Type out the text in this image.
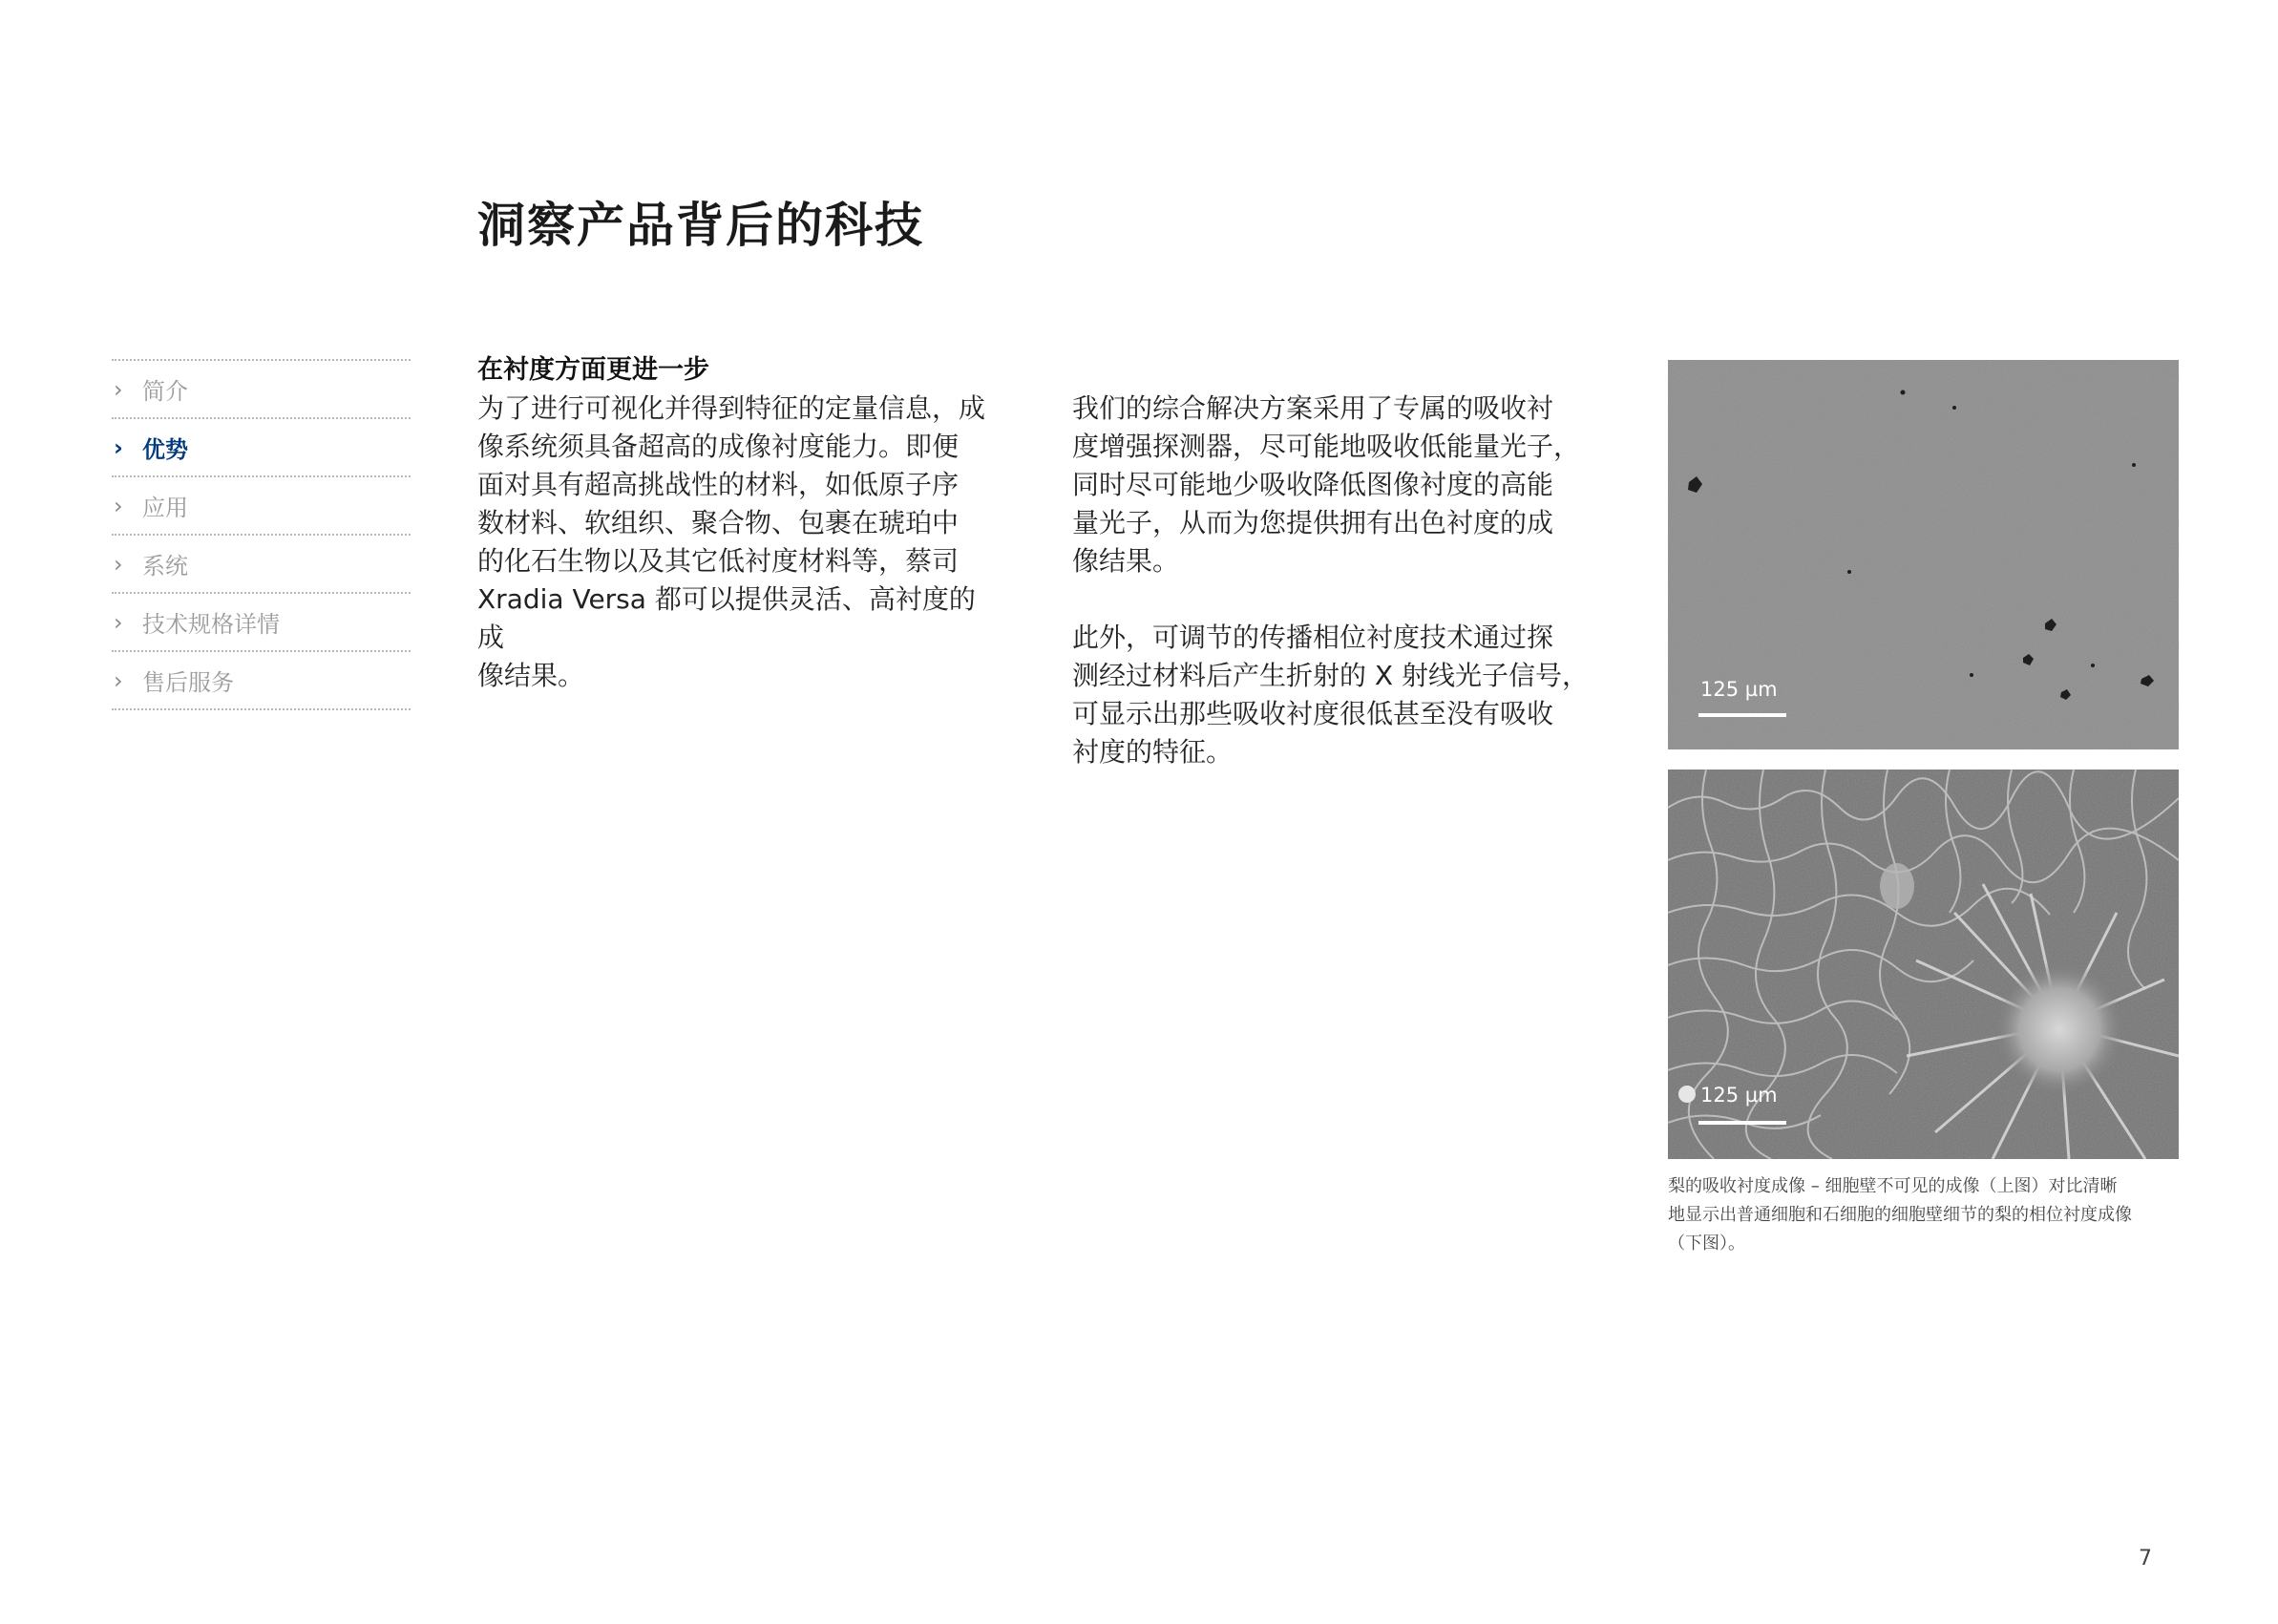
洞察产品背后的科技
› 简介
› 优势
› 应用
› 系统
› 技术规格详情
› 售后服务

在衬度方面更进一步

为了进行可视化并得到特征的定量信息，成

像系统须具备超高的成像衬度能力。即便

面对具有超高挑战性的材料，如低原子序

数材料、软组织、聚合物、包裹在琥珀中

的化石生物以及其它低衬度材料等，蔡司

Xradia Versa 都可以提供灵活、高衬度的成

像结果。

我们的综合解决方案采用了专属的吸收衬
度增强探测器，尽可能地吸收低能量光子，
同时尽可能地少吸收降低图像衬度的高能
量光子，从而为您提供拥有出色衬度的成
像结果。
此外，可调节的传播相位衬度技术通过探
测经过材料后产生折射的 X 射线光子信号，
可显示出那些吸收衬度很低甚至没有吸收
衬度的特征。
125 µm
125 µm

梨的吸收衬度成像 – 细胞壁不可见的成像（上图）对比清晰

地显示出普通细胞和石细胞的细胞壁细节的梨的相位衬度成像

（下图）。

7
